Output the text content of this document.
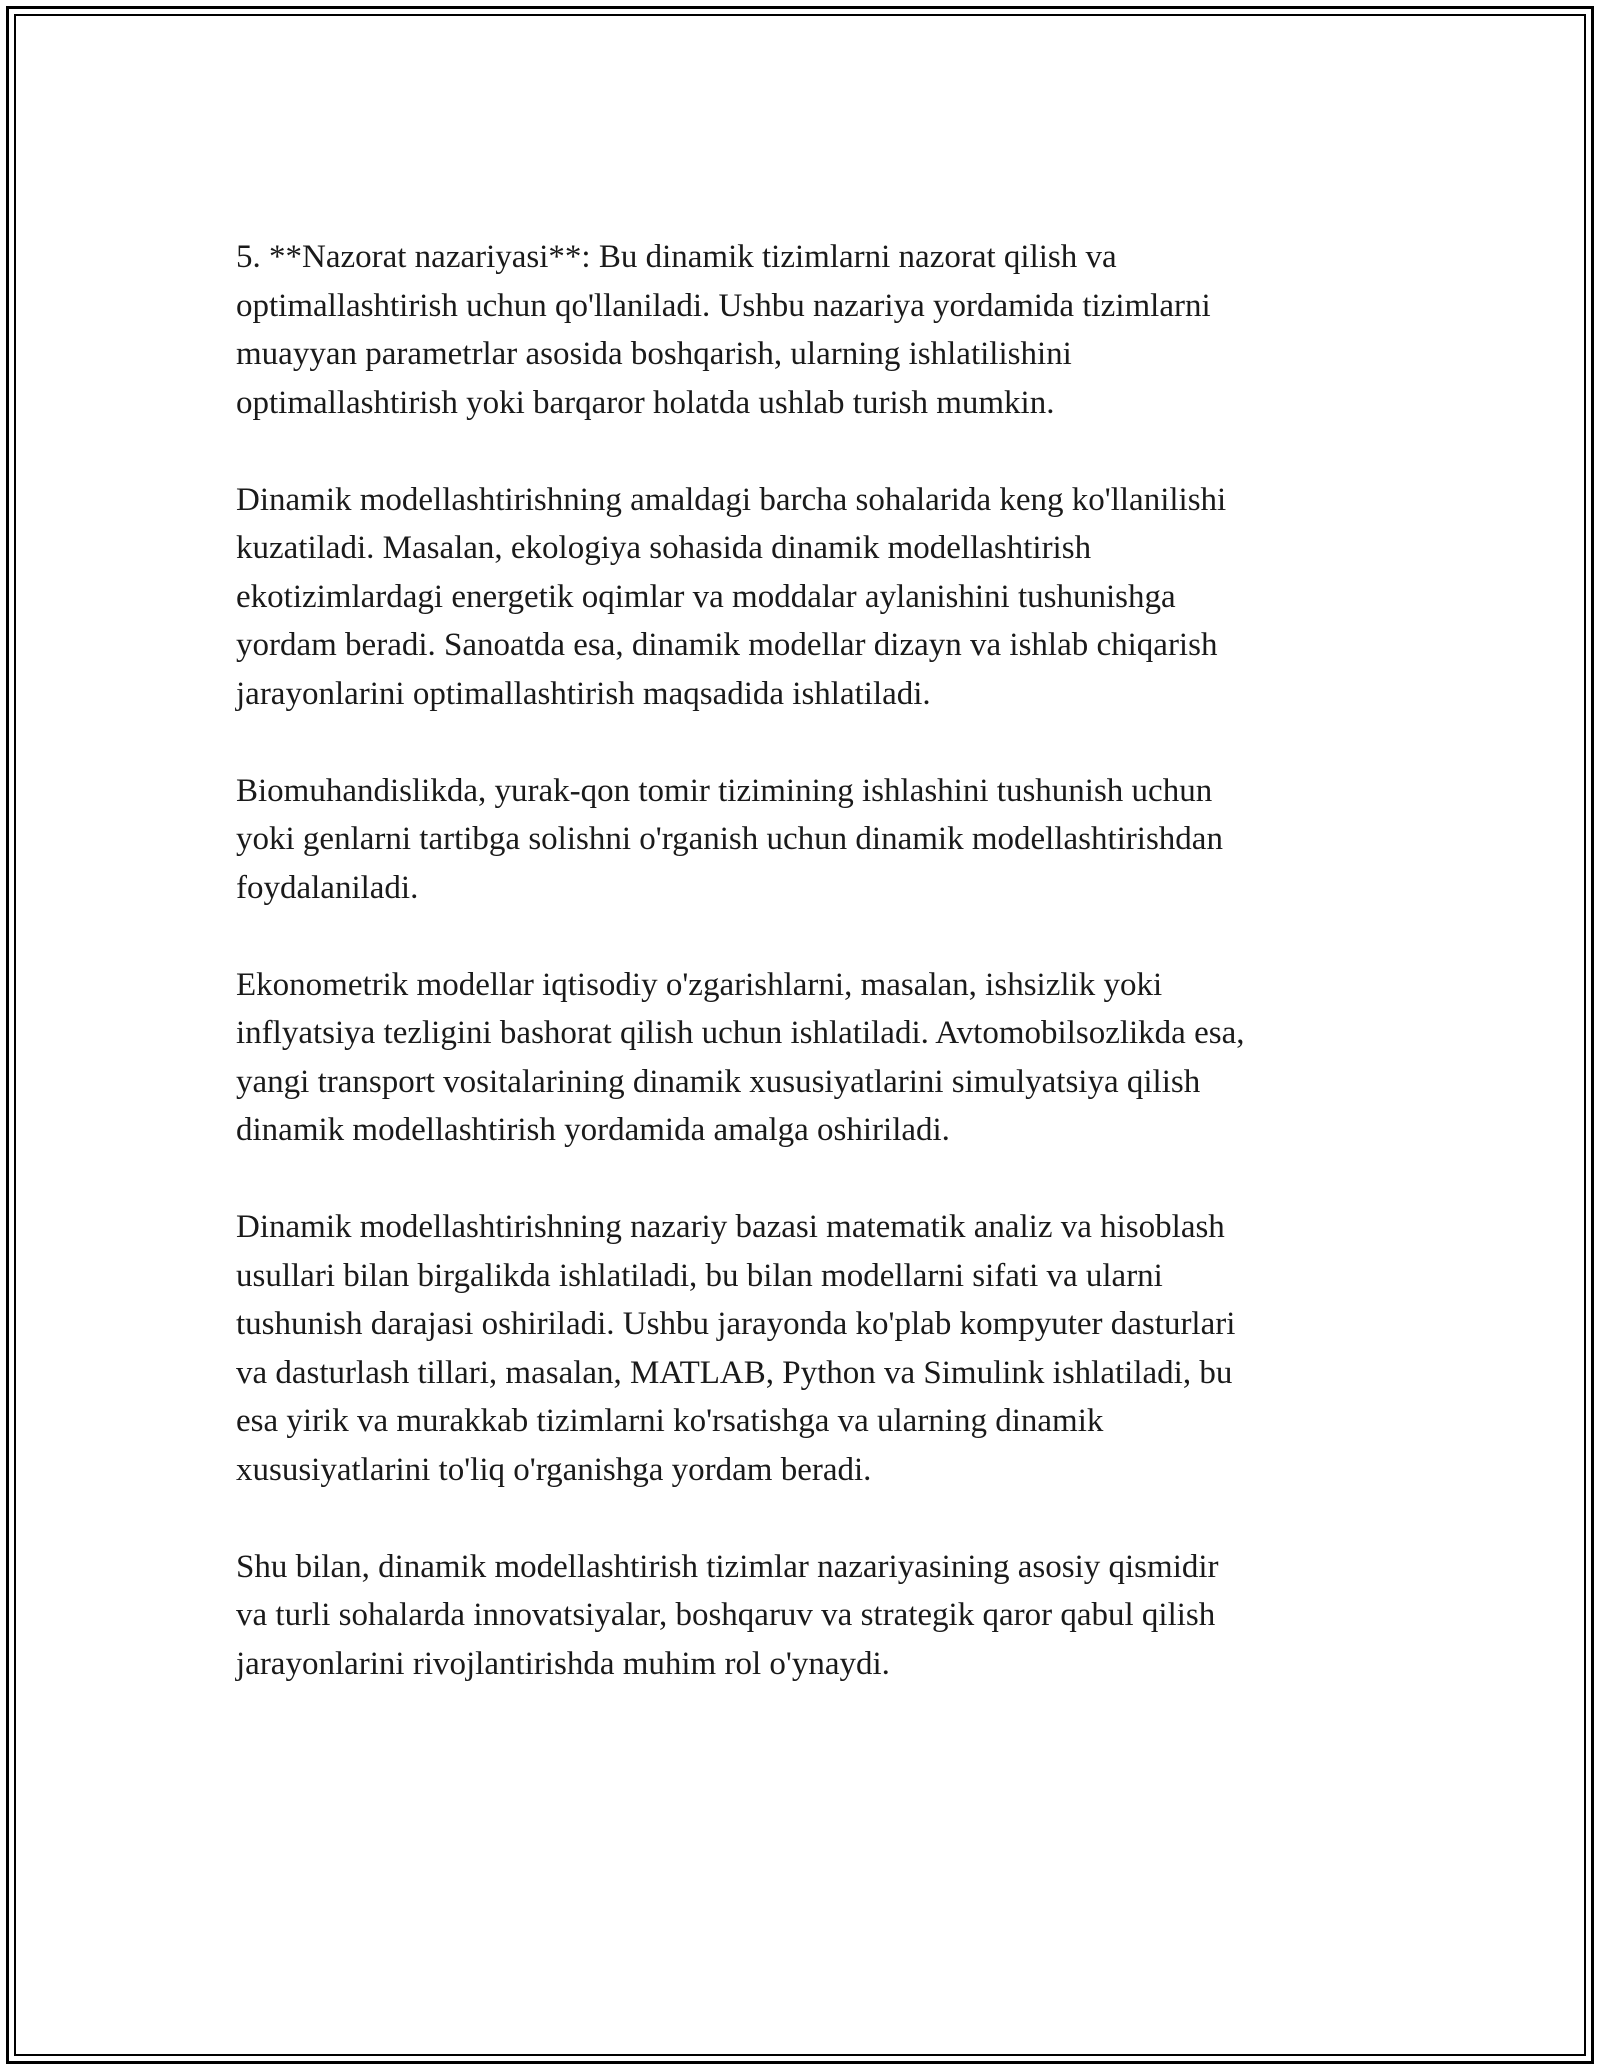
5. **Nazorat nazariyasi**: Bu dinamik tizimlarni nazorat qilish va
optimallashtirish uchun qo'llaniladi. Ushbu nazariya yordamida tizimlarni
muayyan parametrlar asosida boshqarish, ularning ishlatilishini
optimallashtirish yoki barqaror holatda ushlab turish mumkin.

Dinamik modellashtirishning amaldagi barcha sohalarida keng ko'llanilishi
kuzatiladi. Masalan, ekologiya sohasida dinamik modellashtirish
ekotizimlardagi energetik oqimlar va moddalar aylanishini tushunishga
yordam beradi. Sanoatda esa, dinamik modellar dizayn va ishlab chiqarish
jarayonlarini optimallashtirish maqsadida ishlatiladi.

Biomuhandislikda, yurak-qon tomir tizimining ishlashini tushunish uchun
yoki genlarni tartibga solishni o'rganish uchun dinamik modellashtirishdan
foydalaniladi.

Ekonometrik modellar iqtisodiy o'zgarishlarni, masalan, ishsizlik yoki
inflyatsiya tezligini bashorat qilish uchun ishlatiladi. Avtomobilsozlikda esa,
yangi transport vositalarining dinamik xususiyatlarini simulyatsiya qilish
dinamik modellashtirish yordamida amalga oshiriladi.

Dinamik modellashtirishning nazariy bazasi matematik analiz va hisoblash
usullari bilan birgalikda ishlatiladi, bu bilan modellarni sifati va ularni
tushunish darajasi oshiriladi. Ushbu jarayonda ko'plab kompyuter dasturlari
va dasturlash tillari, masalan, MATLAB, Python va Simulink ishlatiladi, bu
esa yirik va murakkab tizimlarni ko'rsatishga va ularning dinamik
xususiyatlarini to'liq o'rganishga yordam beradi.

Shu bilan, dinamik modellashtirish tizimlar nazariyasining asosiy qismidir
va turli sohalarda innovatsiyalar, boshqaruv va strategik qaror qabul qilish
jarayonlarini rivojlantirishda muhim rol o'ynaydi.
